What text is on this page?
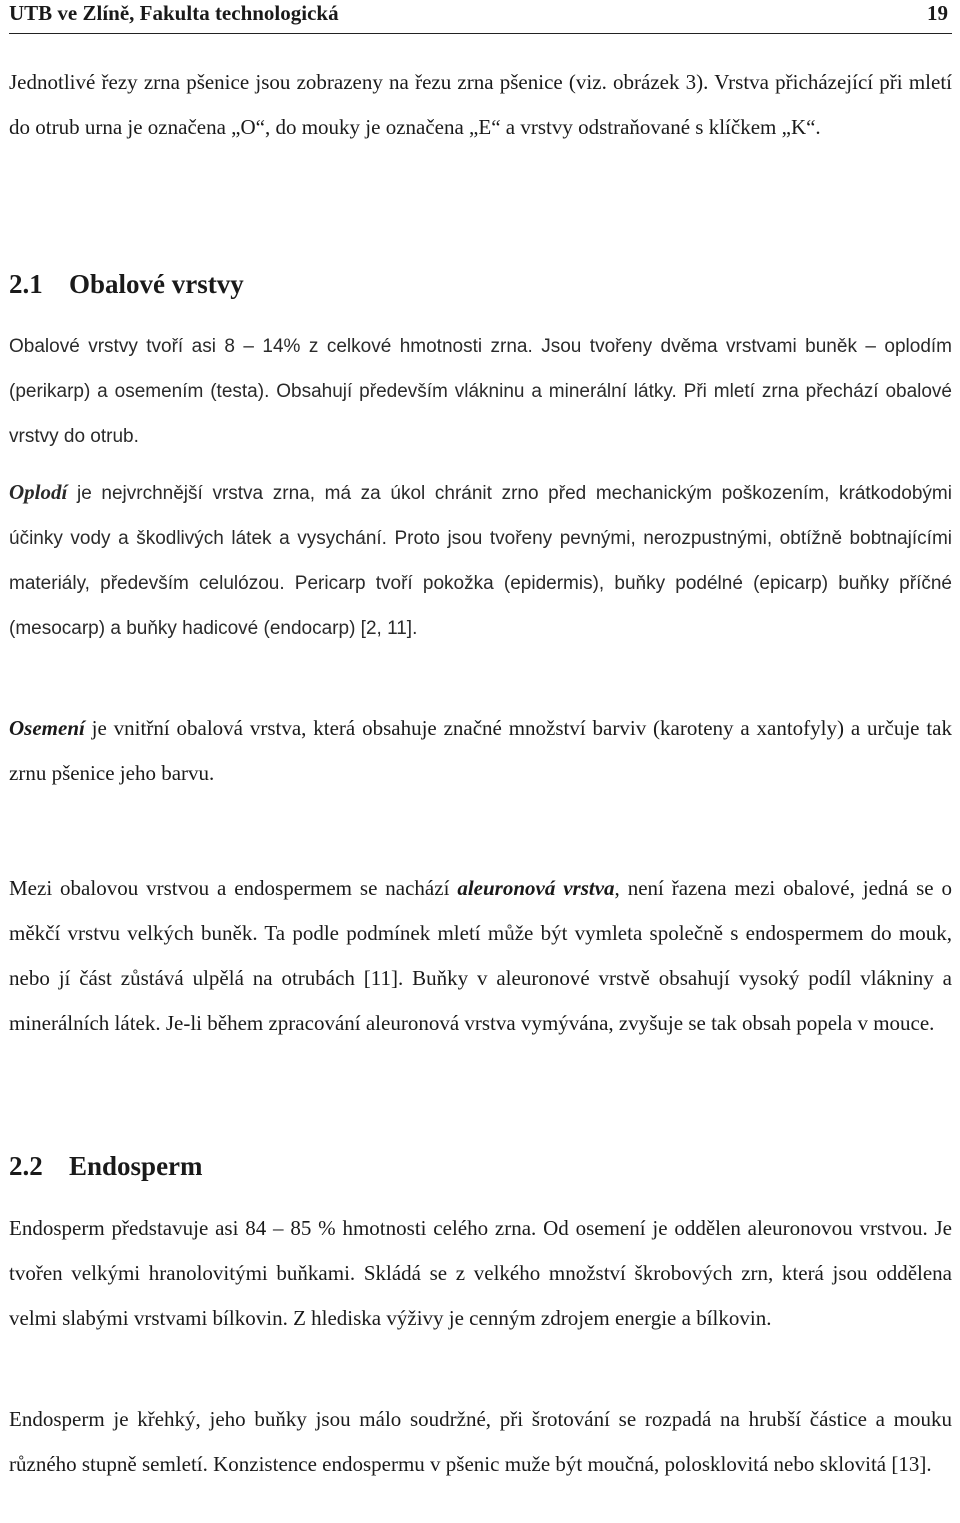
UTB ve Zlíně, Fakulta technologická	19

Jednotlivé řezy zrna pšenice jsou zobrazeny na řezu zrna pšenice (viz. obrázek 3). Vrstva přicházející při mletí do otrub urna je označena „O“, do mouky je označena „E“ a vrstvy odstraňované s klíčkem „K“.

2.1 Obalové vrstvy

Obalové vrstvy tvoří asi 8 – 14% z celkové hmotnosti zrna. Jsou tvořeny dvěma vrstvami buněk – oplodím (perikarp) a osemením (testa). Obsahují především vlákninu a minerální látky. Při mletí zrna přechází obalové vrstvy do otrub.

Oplodí je nejvrchnější vrstva zrna, má za úkol chránit zrno před mechanickým poškozením, krátkodobými účinky vody a škodlivých látek a vysychání. Proto jsou tvořeny pevnými, nerozpustnými, obtížně bobtnajícími materiály, především celulózou. Pericarp tvoří pokožka (epidermis), buňky podélné (epicarp) buňky příčné (mesocarp) a buňky hadicové (endocarp) [2, 11].

Osemení je vnitřní obalová vrstva, která obsahuje značné množství barviv (karoteny a xantofyly) a určuje tak zrnu pšenice jeho barvu.

Mezi obalovou vrstvou a endospermem se nachází aleuronová vrstva, není řazena mezi obalové, jedná se o měkčí vrstvu velkých buněk. Ta podle podmínek mletí může být vymleta společně s endospermem do mouk, nebo jí část zůstává ulpělá na otrubách [11]. Buňky v aleuronové vrstvě obsahují vysoký podíl vlákniny a minerálních látek. Je-li během zpracování aleuronová vrstva vymývána, zvyšuje se tak obsah popela v mouce.

2.2 Endosperm

Endosperm představuje asi 84 – 85 % hmotnosti celého zrna. Od osemení je oddělen aleuronovou vrstvou. Je tvořen velkými hranolovitými buňkami. Skládá se z velkého množství škrobových zrn, která jsou oddělena velmi slabými vrstvami bílkovin. Z hlediska výživy je cenným zdrojem energie a bílkovin.

Endosperm je křehký, jeho buňky jsou málo soudržné, při šrotování se rozpadá na hrubší částice a mouku různého stupně semletí. Konzistence endospermu v pšenic muže být moučná, polosklovitá nebo sklovitá [13].
